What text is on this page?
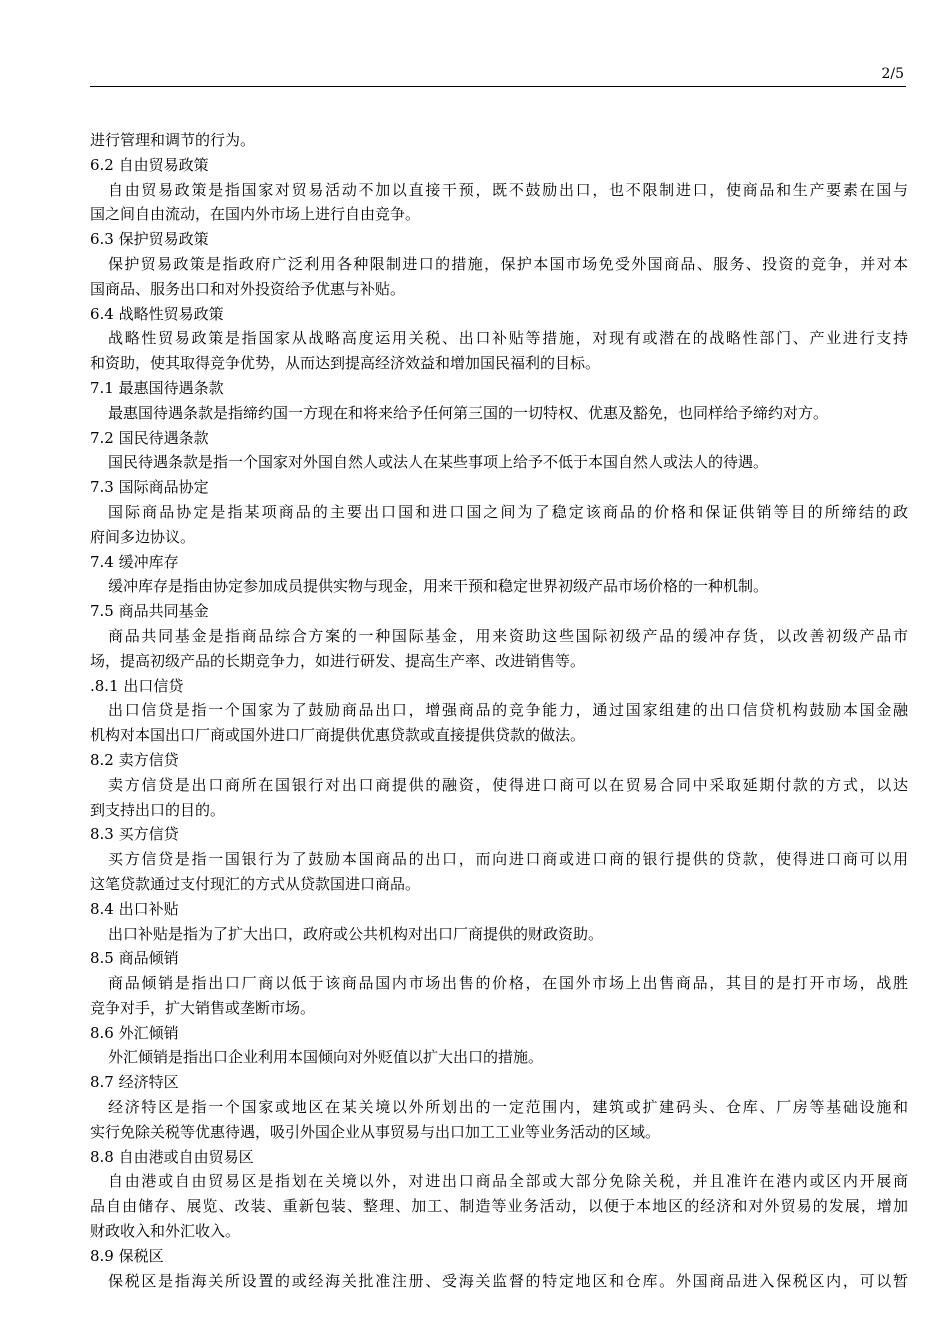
2/5
进行管理和调节的行为。
6.2 自由贸易政策
自由贸易政策是指国家对贸易活动不加以直接干预，既不鼓励出口，也不限制进口，使商品和生产要素在国与
国之间自由流动，在国内外市场上进行自由竞争。
6.3 保护贸易政策
保护贸易政策是指政府广泛利用各种限制进口的措施，保护本国市场免受外国商品、服务、投资的竞争，并对本
国商品、服务出口和对外投资给予优惠与补贴。
6.4 战略性贸易政策
战略性贸易政策是指国家从战略高度运用关税、出口补贴等措施，对现有或潜在的战略性部门、产业进行支持
和资助，使其取得竞争优势，从而达到提高经济效益和增加国民福利的目标。
7.1 最惠国待遇条款
最惠国待遇条款是指缔约国一方现在和将来给予任何第三国的一切特权、优惠及豁免，也同样给予缔约对方。
7.2 国民待遇条款
国民待遇条款是指一个国家对外国自然人或法人在某些事项上给予不低于本国自然人或法人的待遇。
7.3 国际商品协定
国际商品协定是指某项商品的主要出口国和进口国之间为了稳定该商品的价格和保证供销等目的所缔结的政
府间多边协议。
7.4 缓冲库存
缓冲库存是指由协定参加成员提供实物与现金，用来干预和稳定世界初级产品市场价格的一种机制。
7.5 商品共同基金
商品共同基金是指商品综合方案的一种国际基金，用来资助这些国际初级产品的缓冲存货，以改善初级产品市
场，提高初级产品的长期竞争力，如进行研发、提高生产率、改进销售等。
.8.1 出口信贷
出口信贷是指一个国家为了鼓励商品出口，增强商品的竞争能力，通过国家组建的出口信贷机构鼓励本国金融
机构对本国出口厂商或国外进口厂商提供优惠贷款或直接提供贷款的做法。
8.2 卖方信贷
卖方信贷是出口商所在国银行对出口商提供的融资，使得进口商可以在贸易合同中采取延期付款的方式，以达
到支持出口的目的。
8.3 买方信贷
买方信贷是指一国银行为了鼓励本国商品的出口，而向进口商或进口商的银行提供的贷款，使得进口商可以用
这笔贷款通过支付现汇的方式从贷款国进口商品。
8.4 出口补贴
出口补贴是指为了扩大出口，政府或公共机构对出口厂商提供的财政资助。
8.5 商品倾销
商品倾销是指出口厂商以低于该商品国内市场出售的价格，在国外市场上出售商品，其目的是打开市场，战胜
竞争对手，扩大销售或垄断市场。
8.6 外汇倾销
外汇倾销是指出口企业利用本国倾向对外贬值以扩大出口的措施。
8.7 经济特区
经济特区是指一个国家或地区在某关境以外所划出的一定范围内，建筑或扩建码头、仓库、厂房等基础设施和
实行免除关税等优惠待遇，吸引外国企业从事贸易与出口加工工业等业务活动的区域。
8.8 自由港或自由贸易区
自由港或自由贸易区是指划在关境以外，对进出口商品全部或大部分免除关税，并且准许在港内或区内开展商
品自由储存、展览、改装、重新包装、整理、加工、制造等业务活动，以便于本地区的经济和对外贸易的发展，增加
财政收入和外汇收入。
8.9 保税区
保税区是指海关所设置的或经海关批准注册、受海关监督的特定地区和仓库。外国商品进入保税区内，可以暂
